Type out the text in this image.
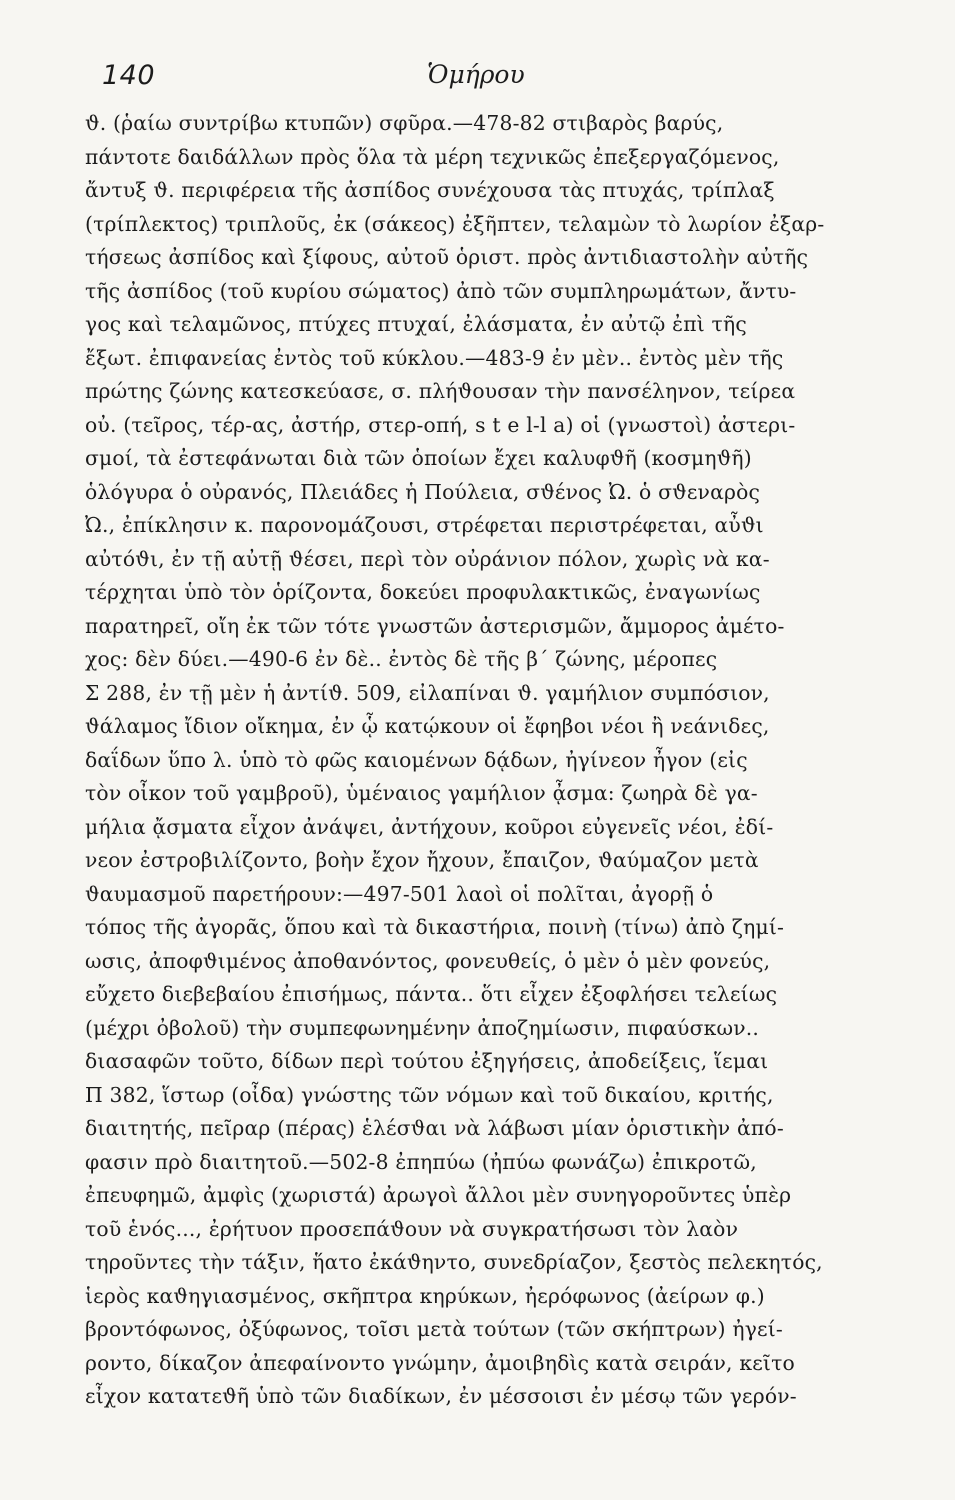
140	Ὁμήρου
ϑ. (ῥαίω συντρίβω κτυπῶν) σφῦρα.—478-82 στιβαρὸς βαρύς,
πάντοτε δαιδάλλων πρὸς ὅλα τὰ μέρη τεχνικῶς ἐπεξεργαζόμενος,
ἄντυξ ϑ. περιφέρεια τῆς ἀσπίδος συνέχουσα τὰς πτυχάς, τρίπλαξ
(τρίπλεκτος) τριπλοῦς, ἐκ (σάκεος) ἐξῆπτεν, τελαμὼν τὸ λωρίον ἐξαρ-
τήσεως ἀσπίδος καὶ ξίφους, αὐτοῦ ὁριστ. πρὸς ἀντιδιαστολὴν αὐτῆς
τῆς ἀσπίδος (τοῦ κυρίου σώματος) ἀπὸ τῶν συμπληρωμάτων, ἄντυ-
γος καὶ τελαμῶνος, πτύχες πτυχαί, ἐλάσματα, ἐν αὐτῷ ἐπὶ τῆς
ἔξωτ. ἐπιφανείας ἐντὸς τοῦ κύκλου.—483-9 ἐν μὲν.. ἐντὸς μὲν τῆς
πρώτης ζώνης κατεσκεύασε, σ. πλήϑουσαν τὴν πανσέληνον, τείρεα
οὐ. (τεῖρος, τέρ-ας, ἀστήρ, στερ-οπή, s t e l-l a) οἱ (γνωστοὶ) ἀστερι-
σμοί, τὰ ἐστεφάνωται διὰ τῶν ὁποίων ἔχει καλυφϑῆ (κοσμηϑῆ)
ὁλόγυρα ὁ οὐρανός, Πλειάδες ἡ Πούλεια, σϑένος Ὠ. ὁ σϑεναρὸς
Ὠ., ἐπίκλησιν κ. παρονομάζουσι, στρέφεται περιστρέφεται, αὖϑι
αὐτόϑι, ἐν τῇ αὐτῇ ϑέσει, περὶ τὸν οὐράνιον πόλον, χωρὶς νὰ κα-
τέρχηται ὑπὸ τὸν ὁρίζοντα, δοκεύει προφυλακτικῶς, ἐναγωνίως
παρατηρεῖ, οἴη ἐκ τῶν τότε γνωστῶν ἀστερισμῶν, ἄμμορος ἀμέτο-
χος: δὲν δύει.—490-6 ἐν δὲ.. ἐντὸς δὲ τῆς β´ ζώνης, μέροπες
Σ 288, ἐν τῇ μὲν ἡ ἀντίϑ. 509, εἰλαπίναι ϑ. γαμήλιον συμπόσιον,
ϑάλαμος ἴδιον οἴκημα, ἐν ᾧ κατῴκουν οἱ ἔφηβοι νέοι ἢ νεάνιδες,
δαΐδων ὕπο λ. ὑπὸ τὸ φῶς καιομένων δᾴδων, ἠγίνεον ἦγον (εἰς
τὸν οἶκον τοῦ γαμβροῦ), ὑμέναιος γαμήλιον ᾆσμα: ζωηρὰ δὲ γα-
μήλια ᾄσματα εἶχον ἀνάψει, ἀντήχουν, κοῦροι εὐγενεῖς νέοι, ἐδί-
νεον ἐστροβιλίζοντο, βοὴν ἔχον ἤχουν, ἔπαιζον, ϑαύμαζον μετὰ
ϑαυμασμοῦ παρετήρουν:—497-501 λαοὶ οἱ πολῖται, ἀγορῇ ὁ
τόπος τῆς ἀγορᾶς, ὅπου καὶ τὰ δικαστήρια, ποινὴ (τίνω) ἀπὸ ζημί-
ωσις, ἀποφϑιμένος ἀποθανόντος, φονευθείς, ὁ μὲν ὁ μὲν φονεύς,
εὔχετο διεβεβαίου ἐπισήμως, πάντα.. ὅτι εἶχεν ἐξοφλήσει τελείως
(μέχρι ὀβολοῦ) τὴν συμπεφωνημένην ἀποζημίωσιν, πιφαύσκων..
διασαφῶν τοῦτο, δίδων περὶ τούτου ἐξηγήσεις, ἀποδείξεις, ἵεμαι
Π 382, ἵστωρ (οἶδα) γνώστης τῶν νόμων καὶ τοῦ δικαίου, κριτής,
διαιτητής, πεῖραρ (πέρας) ἑλέσϑαι νὰ λάβωσι μίαν ὁριστικὴν ἀπό-
φασιν πρὸ διαιτητοῦ.—502-8 ἐπηπύω (ἠπύω φωνάζω) ἐπικροτῶ,
ἐπευφημῶ, ἀμφὶς (χωριστά) ἀρωγοὶ ἄλλοι μὲν συνηγοροῦντες ὑπὲρ
τοῦ ἑνός..., ἐρήτυον προσεπάϑουν νὰ συγκρατήσωσι τὸν λαὸν
τηροῦντες τὴν τάξιν, ἥατο ἐκάϑηντο, συνεδρίαζον, ξεστὸς πελεκητός,
ἱερὸς καϑηγιασμένος, σκῆπτρα κηρύκων, ἠερόφωνος (ἀείρων φ.)
βροντόφωνος, ὀξύφωνος, τοῖσι μετὰ τούτων (τῶν σκήπτρων) ἠγεί-
ροντο, δίκαζον ἀπεφαίνοντο γνώμην, ἀμοιβηδὶς κατὰ σειράν, κεῖτο
εἶχον κατατεϑῆ ὑπὸ τῶν διαδίκων, ἐν μέσσοισι ἐν μέσῳ τῶν γερόν-
